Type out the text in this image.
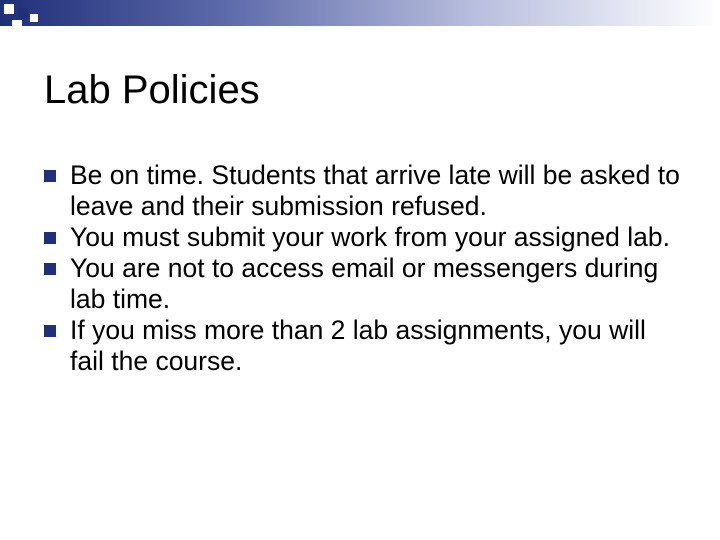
Lab Policies
Be on time. Students that arrive late will be asked to leave and their submission refused.
You must submit your work from your assigned lab.
You are not to access email or messengers during lab time.
If you miss more than 2 lab assignments, you will fail the course.
